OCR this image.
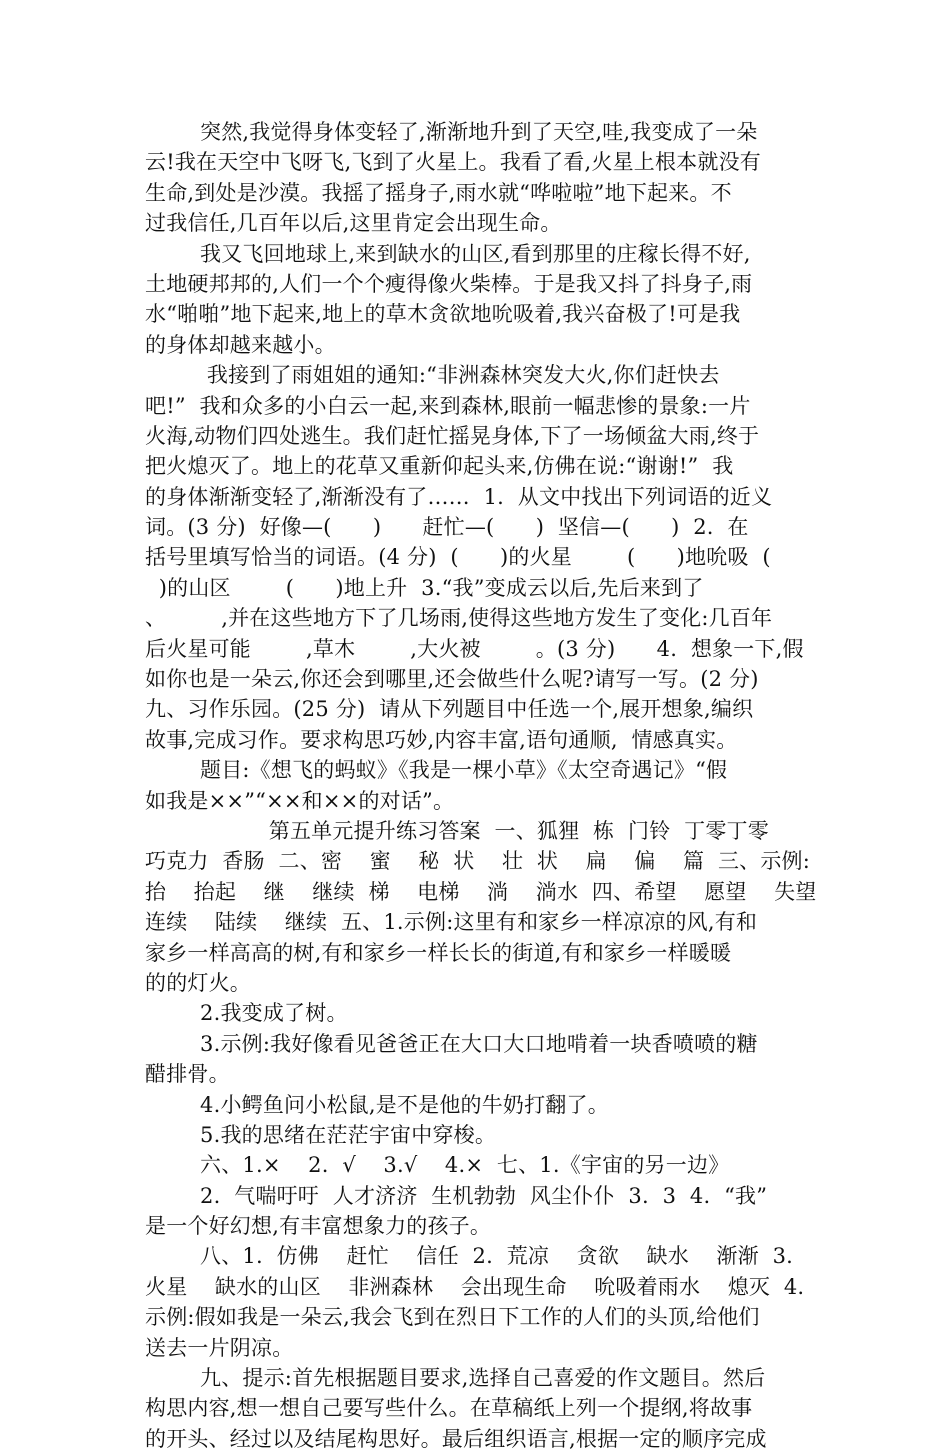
突然,我觉得身体变轻了,渐渐地升到了天空,哇,我变成了一朵
云!我在天空中飞呀飞,飞到了火星上。我看了看,火星上根本就没有
生命,到处是沙漠。我摇了摇身子,雨水就“哗啦啦”地下起来。不
过我信任,几百年以后,这里肯定会出现生命。
我又飞回地球上,来到缺水的山区,看到那里的庄稼长得不好,
土地硬邦邦的,人们一个个瘦得像火柴棒。于是我又抖了抖身子,雨
水“啪啪”地下起来,地上的草木贪欲地吮吸着,我兴奋极了!可是我
的身体却越来越小。
我接到了雨姐姐的通知:“非洲森林突发大火,你们赶快去
吧!”  我和众多的小白云一起,来到森林,眼前一幅悲惨的景象:一片
火海,动物们四处逃生。我们赶忙摇晃身体,下了一场倾盆大雨,终于
把火熄灭了。地上的花草又重新仰起头来,仿佛在说:“谢谢!”  我
的身体渐渐变轻了,渐渐没有了……  1.  从文中找出下列词语的近义
词。(3 分)  好像—(      )      赶忙—(      )  坚信—(      )  2.  在
括号里填写恰当的词语。(4 分)  (      )的火星        (      )地吮吸  (
)的山区        (      )地上升  3.“我”变成云以后,先后来到了
、        ,并在这些地方下了几场雨,使得这些地方发生了变化:几百年
后火星可能        ,草木        ,大火被        。(3 分)      4.  想象一下,假
如你也是一朵云,你还会到哪里,还会做些什么呢?请写一写。(2 分)
九、习作乐园。(25 分)  请从下列题目中任选一个,展开想象,编织
故事,完成习作。要求构思巧妙,内容丰富,语句通顺,  情感真实。
题目:《想飞的蚂蚁》《我是一棵小草》《太空奇遇记》“假
如我是××”“××和××的对话”。
第五单元提升练习答案  一、狐狸  栋  门铃  丁零丁零
巧克力  香肠  二、密    蜜    秘  状    壮  状    扁    偏    篇  三、示例:
抬    抬起    继    继续  梯    电梯    淌    淌水  四、希望    愿望    失望
连续    陆续    继续  五、1.示例:这里有和家乡一样凉凉的风,有和
家乡一样高高的树,有和家乡一样长长的街道,有和家乡一样暖暖
的的灯火。
2.我变成了树。
3.示例:我好像看见爸爸正在大口大口地啃着一块香喷喷的糖
醋排骨。
4.小鳄鱼问小松鼠,是不是他的牛奶打翻了。
5.我的思绪在茫茫宇宙中穿梭。
六、1.×    2.  √    3.√    4.×  七、1.《宇宙的另一边》
2.  气喘吁吁  人才济济  生机勃勃  风尘仆仆  3.  3  4.  “我”
是一个好幻想,有丰富想象力的孩子。
八、1.  仿佛    赶忙    信任  2.  荒凉    贪欲    缺水    渐渐  3.
火星    缺水的山区    非洲森林    会出现生命    吮吸着雨水    熄灭  4.
示例:假如我是一朵云,我会飞到在烈日下工作的人们的头顶,给他们
送去一片阴凉。
九、提示:首先根据题目要求,选择自己喜爱的作文题目。然后
构思内容,想一想自己要写些什么。在草稿纸上列一个提纲,将故事
的开头、经过以及结尾构思好。最后组织语言,根据一定的顺序完成
